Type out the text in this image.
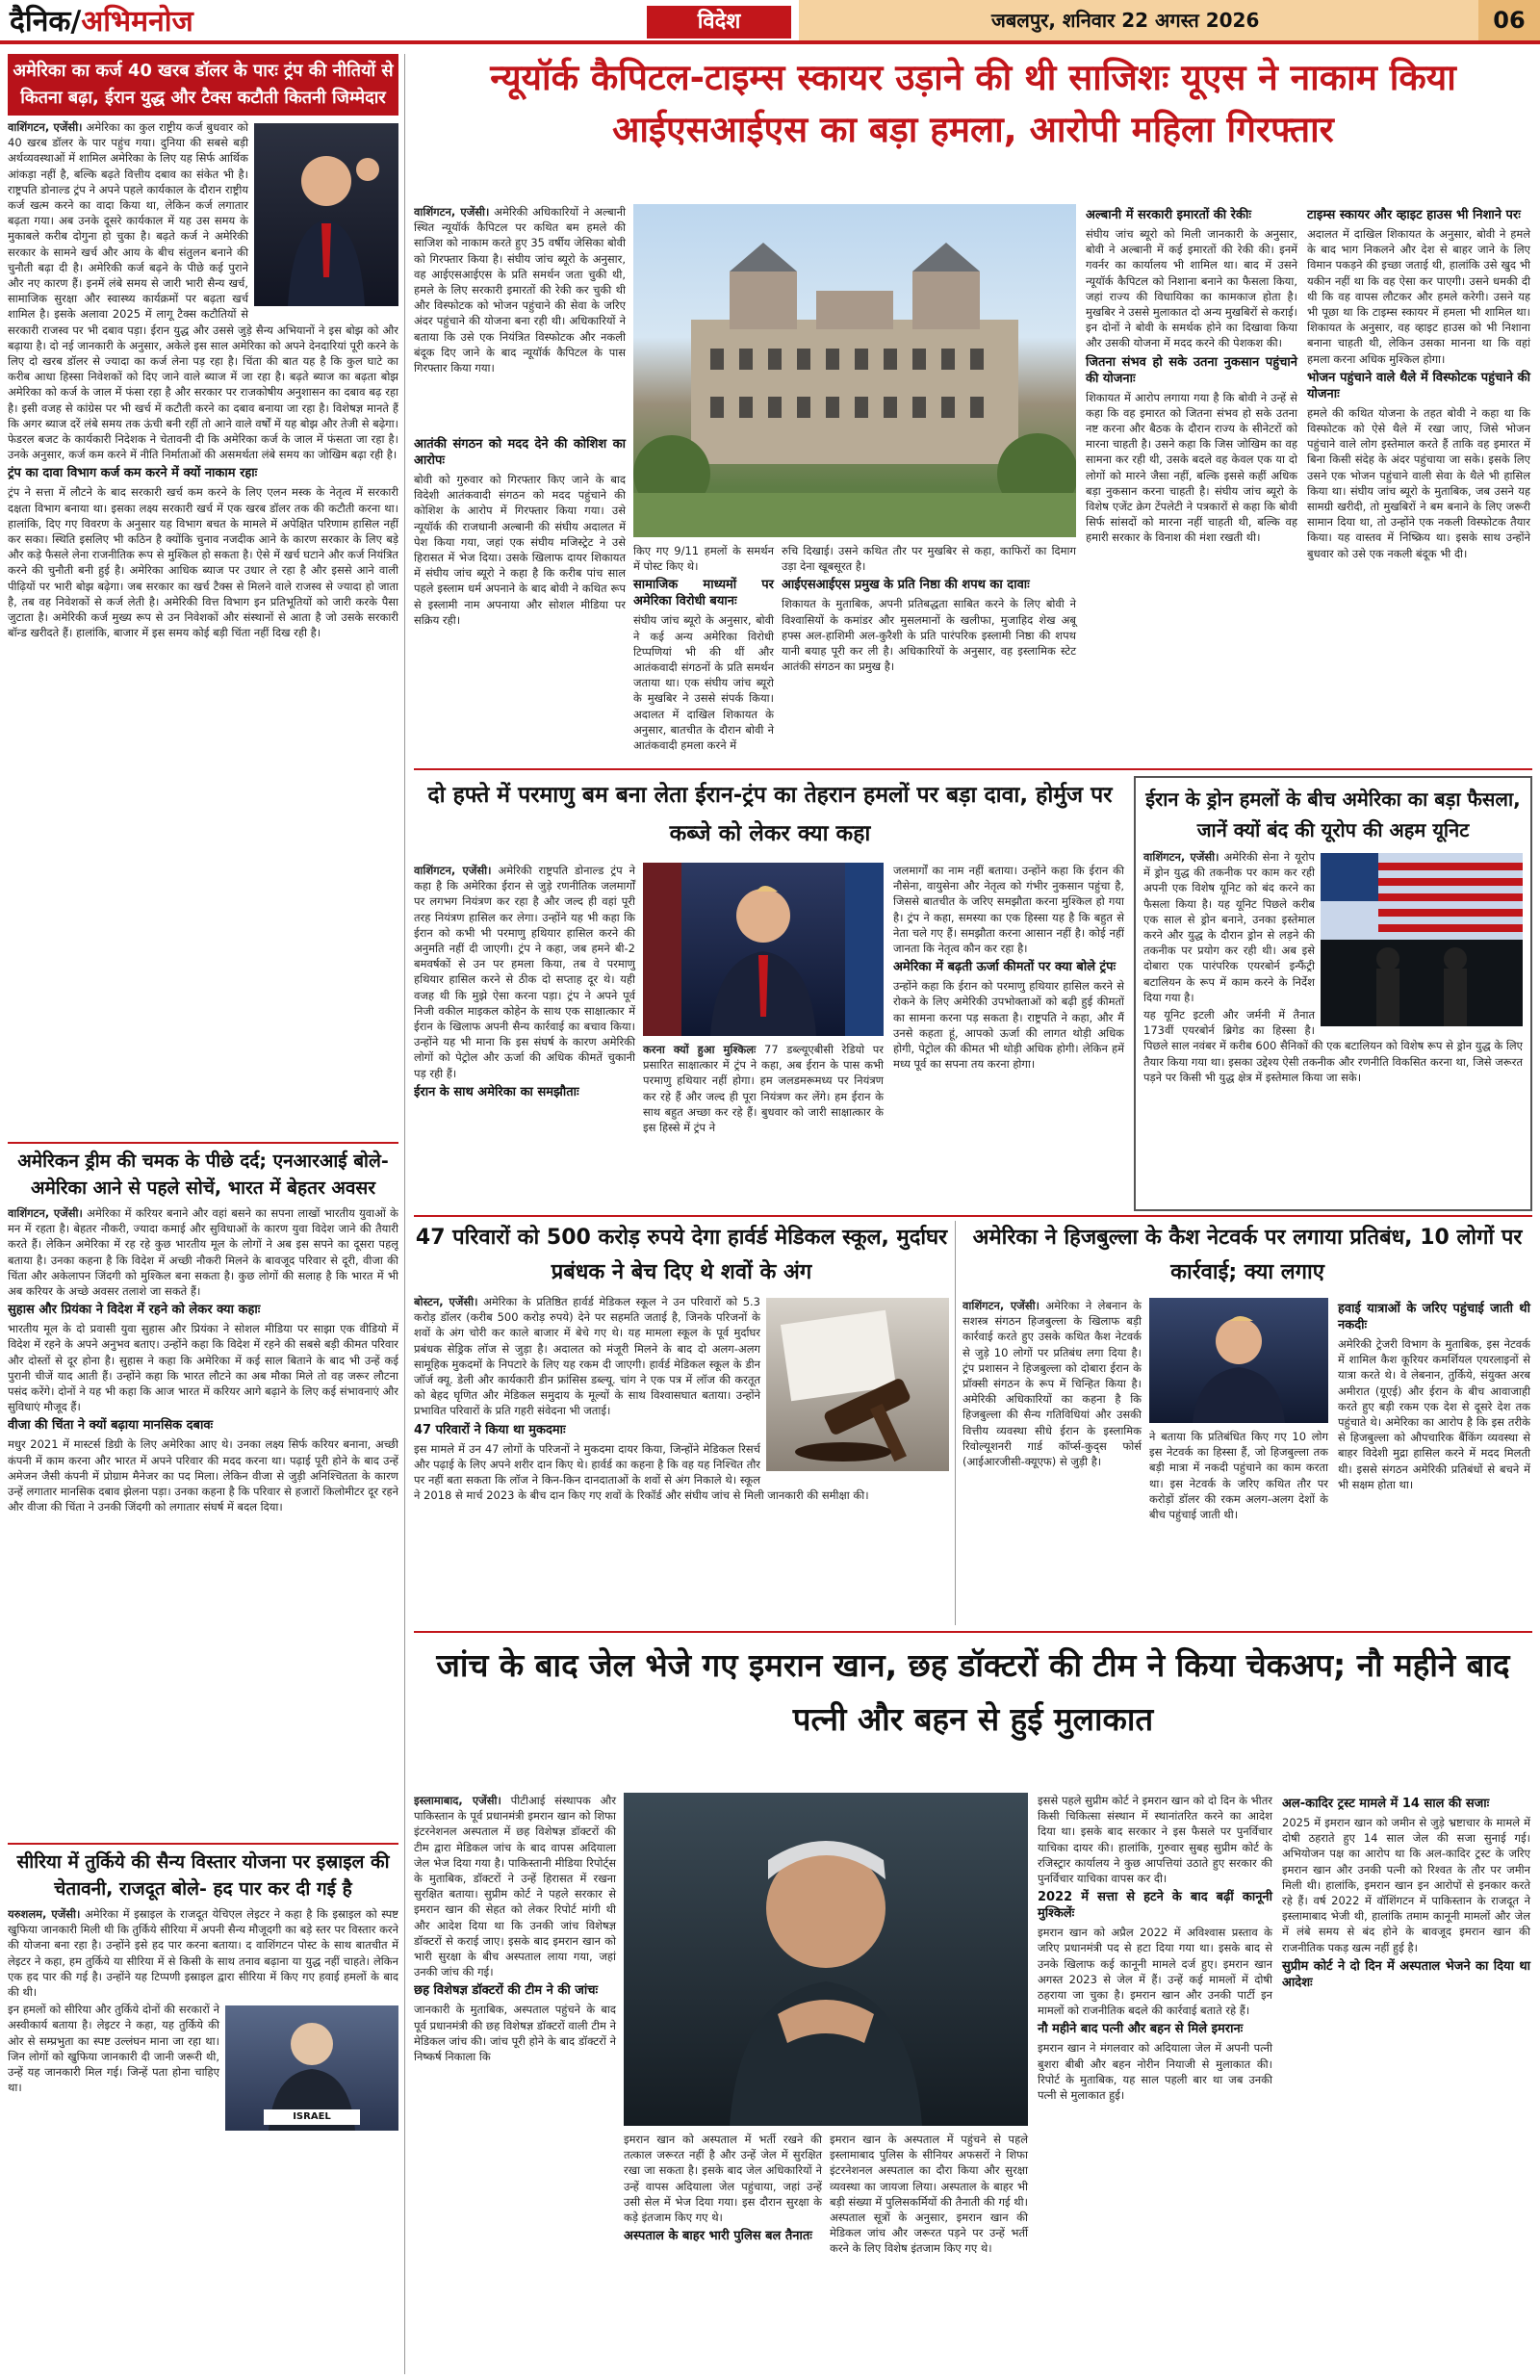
दैनिक/अभिमनोज	विदेश	जबलपुर, शनिवार 22 अगस्त 2026	06
अमेरिका का कर्ज 40 खरब डॉलर के पारः ट्रंप की नीतियों से कितना बढ़ा, ईरान युद्ध और टैक्स कटौती कितनी जिम्मेदार

वाशिंगटन, एजेंसी। अमेरिका का कुल राष्ट्रीय कर्ज बुधवार को 40 खरब डॉलर के पार पहुंच गया। दुनिया की सबसे बड़ी अर्थव्यवस्थाओं में शामिल अमेरिका के लिए यह सिर्फ आर्थिक आंकड़ा नहीं है, बल्कि बढ़ते वित्तीय दबाव का संकेत भी है। राष्ट्रपति डोनाल्ड ट्रंप ने अपने पहले कार्यकाल के दौरान राष्ट्रीय कर्ज खत्म करने का वादा किया था, लेकिन कर्ज लगातार बढ़ता गया। अब उनके दूसरे कार्यकाल में यह उस समय के मुकाबले करीब दोगुना हो चुका है। बढ़ते कर्ज ने अमेरिकी सरकार के सामने खर्च और आय के बीच संतुलन बनाने की चुनौती बढ़ा दी है। अमेरिकी कर्ज बढ़ने के पीछे कई पुराने और नए कारण हैं। इनमें लंबे समय से जारी भारी सैन्य खर्च, सामाजिक सुरक्षा और स्वास्थ्य कार्यक्रमों पर बढ़ता खर्च शामिल है। इसके अलावा 2025 में लागू टैक्स कटौतियों से सरकारी राजस्व पर भी दबाव पड़ा। ईरान युद्ध और उससे जुड़े सैन्य अभियानों ने इस बोझ को और बढ़ाया है। दो नई जानकारी के अनुसार, अकेले इस साल अमेरिका को अपने देनदारियां पूरी करने के लिए दो खरब डॉलर से ज्यादा का कर्ज लेना पड़ रहा है। चिंता की बात यह है कि कुल घाटे का करीब आधा हिस्सा निवेशकों को दिए जाने वाले ब्याज में जा रहा है। बढ़ते ब्याज का बढ़ता बोझ अमेरिका को कर्ज के जाल में फंसा रहा है और सरकार पर राजकोषीय अनुशासन का दबाव बढ़ रहा है। इसी वजह से कांग्रेस पर भी खर्च में कटौती करने का दबाव बनाया जा रहा है। विशेषज्ञ मानते हैं कि अगर ब्याज दरें लंबे समय तक ऊंची बनी रहीं तो आने वाले वर्षों में यह बोझ और तेजी से बढ़ेगा। फेडरल बजट के कार्यकारी निदेशक ने चेतावनी दी कि अमेरिका कर्ज के जाल में फंसता जा रहा है। उनके अनुसार, कर्ज कम करने में नीति निर्माताओं की असमर्थता लंबे समय का जोखिम बढ़ा रही है।

ट्रंप का दावा विभाग कर्ज कम करने में क्यों नाकाम रहाः

ट्रंप ने सत्ता में लौटने के बाद सरकारी खर्च कम करने के लिए एलन मस्क के नेतृत्व में सरकारी दक्षता विभाग बनाया था। इसका लक्ष्य सरकारी खर्च में एक खरब डॉलर तक की कटौती करना था। हालांकि, दिए गए विवरण के अनुसार यह विभाग बचत के मामले में अपेक्षित परिणाम हासिल नहीं कर सका। स्थिति इसलिए भी कठिन है क्योंकि चुनाव नजदीक आने के कारण सरकार के लिए बड़े और कड़े फैसले लेना राजनीतिक रूप से मुश्किल हो सकता है। ऐसे में खर्च घटाने और कर्ज नियंत्रित करने की चुनौती बनी हुई है। अमेरिका आधिक ब्याज पर उधार ले रहा है और इससे आने वाली पीढ़ियों पर भारी बोझ बढ़ेगा। जब सरकार का खर्च टैक्स से मिलने वाले राजस्व से ज्यादा हो जाता है, तब वह निवेशकों से कर्ज लेती है। अमेरिकी वित्त विभाग इन प्रतिभूतियों को जारी करके पैसा जुटाता है। अमेरिकी कर्ज मुख्य रूप से उन निवेशकों और संस्थानों से आता है जो उसके सरकारी बॉन्ड खरीदते हैं। हालांकि, बाजार में इस समय कोई बड़ी चिंता नहीं दिख रही है।

अमेरिकन ड्रीम की चमक के पीछे दर्द; एनआरआई बोले- अमेरिका आने से पहले सोचें, भारत में बेहतर अवसर

वाशिंगटन, एजेंसी। अमेरिका में करियर बनाने और वहां बसने का सपना लाखों भारतीय युवाओं के मन में रहता है। बेहतर नौकरी, ज्यादा कमाई और सुविधाओं के कारण युवा विदेश जाने की तैयारी करते हैं। लेकिन अमेरिका में रह रहे कुछ भारतीय मूल के लोगों ने अब इस सपने का दूसरा पहलू बताया है। उनका कहना है कि विदेश में अच्छी नौकरी मिलने के बावजूद परिवार से दूरी, वीजा की चिंता और अकेलापन जिंदगी को मुश्किल बना सकता है। कुछ लोगों की सलाह है कि भारत में भी अब करियर के अच्छे अवसर तलाशे जा सकते हैं।

सुहास और प्रियंका ने विदेश में रहने को लेकर क्या कहाः

भारतीय मूल के दो प्रवासी युवा सुहास और प्रियंका ने सोशल मीडिया पर साझा एक वीडियो में विदेश में रहने के अपने अनुभव बताए। उन्होंने कहा कि विदेश में रहने की सबसे बड़ी कीमत परिवार और दोस्तों से दूर होना है। सुहास ने कहा कि अमेरिका में कई साल बिताने के बाद भी उन्हें कई पुरानी चीजें याद आती हैं। उन्होंने कहा कि भारत लौटने का अब मौका मिले तो वह जरूर लौटना पसंद करेंगे। दोनों ने यह भी कहा कि आज भारत में करियर आगे बढ़ाने के लिए कई संभावनाएं और सुविधाएं मौजूद हैं।

वीजा की चिंता ने क्यों बढ़ाया मानसिक दबावः

मधुर 2021 में मास्टर्स डिग्री के लिए अमेरिका आए थे। उनका लक्ष्य सिर्फ करियर बनाना, अच्छी कंपनी में काम करना और भारत में अपने परिवार की मदद करना था। पढ़ाई पूरी होने के बाद उन्हें अमेजन जैसी कंपनी में प्रोग्राम मैनेजर का पद मिला। लेकिन वीजा से जुड़ी अनिश्चितता के कारण उन्हें लगातार मानसिक दबाव झेलना पड़ा। उनका कहना है कि परिवार से हजारों किलोमीटर दूर रहने और वीजा की चिंता ने उनकी जिंदगी को लगातार संघर्ष में बदल दिया।

सीरिया में तुर्किये की सैन्य विस्तार योजना पर इस्राइल की चेतावनी, राजदूत बोले- हद पार कर दी गई है

यरुशलम, एजेंसी। अमेरिका में इस्राइल के राजदूत येचिएल लेइटर ने कहा है कि इस्राइल को स्पष्ट खुफिया जानकारी मिली थी कि तुर्किये सीरिया में अपनी सैन्य मौजूदगी का बड़े स्तर पर विस्तार करने की योजना बना रहा है। उन्होंने इसे हद पार करना बताया। द वाशिंगटन पोस्ट के साथ बातचीत में लेइटर ने कहा, हम तुर्किये या सीरिया में से किसी के साथ तनाव बढ़ाना या युद्ध नहीं चाहते। लेकिन एक हद पार की गई है। उन्होंने यह टिप्पणी इस्राइल द्वारा सीरिया में किए गए हवाई हमलों के बाद की थी।

ISRAEL

इन हमलों को सीरिया और तुर्किये दोनों की सरकारों ने अस्वीकार्य बताया है। लेइटर ने कहा, यह तुर्किये की ओर से सम्प्रभुता का स्पष्ट उल्लंघन माना जा रहा था। जिन लोगों को खुफिया जानकारी दी जानी जरूरी थी, उन्हें यह जानकारी मिल गई। जिन्हें पता होना चाहिए था।

न्यूयॉर्क कैपिटल-टाइम्स स्कायर उड़ाने की थी साजिशः यूएस ने नाकाम किया आईएसआईएस का बड़ा हमला, आरोपी महिला गिरफ्तार

वाशिंगटन, एजेंसी। अमेरिकी अधिकारियों ने अल्बानी स्थित न्यूयॉर्क कैपिटल पर कथित बम हमले की साजिश को नाकाम करते हुए 35 वर्षीय जेसिका बोवी को गिरफ्तार किया है। संघीय जांच ब्यूरो के अनुसार, वह आईएसआईएस के प्रति समर्थन जता चुकी थी, हमले के लिए सरकारी इमारतों की रेकी कर चुकी थी और विस्फोटक को भोजन पहुंचाने की सेवा के जरिए अंदर पहुंचाने की योजना बना रही थी। अधिकारियों ने बताया कि उसे एक नियंत्रित विस्फोटक और नकली बंदूक दिए जाने के बाद न्यूयॉर्क कैपिटल के पास गिरफ्तार किया गया।

आतंकी संगठन को मदद देने की कोशिश का आरोपः

बोवी को गुरुवार को गिरफ्तार किए जाने के बाद विदेशी आतंकवादी संगठन को मदद पहुंचाने की कोशिश के आरोप में गिरफ्तार किया गया। उसे न्यूयॉर्क की राजधानी अल्बानी की संघीय अदालत में पेश किया गया, जहां एक संघीय मजिस्ट्रेट ने उसे हिरासत में भेज दिया। उसके खिलाफ दायर शिकायत में संघीय जांच ब्यूरो ने कहा है कि करीब पांच साल पहले इस्लाम धर्म अपनाने के बाद बोवी ने कथित रूप से इस्लामी नाम अपनाया और सोशल मीडिया पर सक्रिय रही।

किए गए 9/11 हमलों के समर्थन में पोस्ट किए थे।

सामाजिक माध्यमों पर अमेरिका विरोधी बयानः

संघीय जांच ब्यूरो के अनुसार, बोवी ने कई अन्य अमेरिका विरोधी टिप्पणियां भी की थीं और आतंकवादी संगठनों के प्रति समर्थन जताया था। एक संघीय जांच ब्यूरो के मुखबिर ने उससे संपर्क किया। अदालत में दाखिल शिकायत के अनुसार, बातचीत के दौरान बोवी ने आतंकवादी हमला करने में

रुचि दिखाई। उसने कथित तौर पर मुखबिर से कहा, काफिरों का दिमाग उड़ा देना खूबसूरत है।

आईएसआईएस प्रमुख के प्रति निष्ठा की शपथ का दावाः

शिकायत के मुताबिक, अपनी प्रतिबद्धता साबित करने के लिए बोवी ने विश्वासियों के कमांडर और मुसलमानों के खलीफा, मुजाहिद शेख अबू हफ्स अल-हाशिमी अल-कुरैशी के प्रति पारंपरिक इस्लामी निष्ठा की शपथ यानी बयाह पूरी कर ली है। अधिकारियों के अनुसार, वह इस्लामिक स्टेट आतंकी संगठन का प्रमुख है।

अल्बानी में सरकारी इमारतों की रेकीः

संघीय जांच ब्यूरो को मिली जानकारी के अनुसार, बोवी ने अल्बानी में कई इमारतों की रेकी की। इनमें गवर्नर का कार्यालय भी शामिल था। बाद में उसने न्यूयॉर्क कैपिटल को निशाना बनाने का फैसला किया, जहां राज्य की विधायिका का कामकाज होता है। मुखबिर ने उससे मुलाकात दो अन्य मुखबिरों से कराई। इन दोनों ने बोवी के समर्थक होने का दिखावा किया और उसकी योजना में मदद करने की पेशकश की।

जितना संभव हो सके उतना नुकसान पहुंचाने की योजनाः

शिकायत में आरोप लगाया गया है कि बोवी ने उन्हें से कहा कि वह इमारत को जितना संभव हो सके उतना नष्ट करना और बैठक के दौरान राज्य के सीनेटरों को मारना चाहती है। उसने कहा कि जिस जोखिम का वह सामना कर रही थी, उसके बदले वह केवल एक या दो लोगों को मारने जैसा नहीं, बल्कि इससे कहीं अधिक बड़ा नुकसान करना चाहती है। संघीय जांच ब्यूरो के विशेष एजेंट क्रेग टेंपलेटी ने पत्रकारों से कहा कि बोवी सिर्फ सांसदों को मारना नहीं चाहती थी, बल्कि वह हमारी सरकार के विनाश की मंशा रखती थी।

टाइम्स स्कायर और व्हाइट हाउस भी निशाने परः

अदालत में दाखिल शिकायत के अनुसार, बोवी ने हमले के बाद भाग निकलने और देश से बाहर जाने के लिए विमान पकड़ने की इच्छा जताई थी, हालांकि उसे खुद भी यकीन नहीं था कि वह ऐसा कर पाएगी। उसने धमकी दी थी कि वह वापस लौटकर और हमले करेगी। उसने यह भी पूछा था कि टाइम्स स्कायर में हमला भी शामिल था। शिकायत के अनुसार, वह व्हाइट हाउस को भी निशाना बनाना चाहती थी, लेकिन उसका मानना था कि वहां हमला करना अधिक मुश्किल होगा।

भोजन पहुंचाने वाले थैले में विस्फोटक पहुंचाने की योजनाः

हमले की कथित योजना के तहत बोवी ने कहा था कि विस्फोटक को ऐसे थैले में रखा जाए, जिसे भोजन पहुंचाने वाले लोग इस्तेमाल करते हैं ताकि वह इमारत में बिना किसी संदेह के अंदर पहुंचाया जा सके। इसके लिए उसने एक भोजन पहुंचाने वाली सेवा के थैले भी हासिल किया था। संघीय जांच ब्यूरो के मुताबिक, जब उसने यह सामग्री खरीदी, तो मुखबिरों ने बम बनाने के लिए जरूरी सामान दिया था, तो उन्होंने एक नकली विस्फोटक तैयार किया। यह वास्तव में निष्क्रिय था। इसके साथ उन्होंने बुधवार को उसे एक नकली बंदूक भी दी।

दो हफ्ते में परमाणु बम बना लेता ईरान-ट्रंप का तेहरान हमलों पर बड़ा दावा, होर्मुज पर कब्जे को लेकर क्या कहा

वाशिंगटन, एजेंसी। अमेरिकी राष्ट्रपति डोनाल्ड ट्रंप ने कहा है कि अमेरिका ईरान से जुड़े रणनीतिक जलमार्गों पर लगभग नियंत्रण कर रहा है और जल्द ही वहां पूरी तरह नियंत्रण हासिल कर लेगा। उन्होंने यह भी कहा कि ईरान को कभी भी परमाणु हथियार हासिल करने की अनुमति नहीं दी जाएगी। ट्रंप ने कहा, जब हमने बी-2 बमवर्षकों से उन पर हमला किया, तब वे परमाणु हथियार हासिल करने से ठीक दो सप्ताह दूर थे। यही वजह थी कि मुझे ऐसा करना पड़ा। ट्रंप ने अपने पूर्व निजी वकील माइकल कोहेन के साथ एक साक्षात्कार में ईरान के खिलाफ अपनी सैन्य कार्रवाई का बचाव किया। उन्होंने यह भी माना कि इस संघर्ष के कारण अमेरिकी लोगों को पेट्रोल और ऊर्जा की अधिक कीमतें चुकानी पड़ रही हैं।

ईरान के साथ अमेरिका का समझौताः

करना क्यों हुआ मुश्किलः 77 डब्ल्यूएबीसी रेडियो पर प्रसारित साक्षात्कार में ट्रंप ने कहा, अब ईरान के पास कभी परमाणु हथियार नहीं होगा। हम जलडमरूमध्य पर नियंत्रण कर रहे हैं और जल्द ही पूरा नियंत्रण कर लेंगे। हम ईरान के साथ बहुत अच्छा कर रहे हैं। बुधवार को जारी साक्षात्कार के इस हिस्से में ट्रंप ने

जलमार्गों का नाम नहीं बताया। उन्होंने कहा कि ईरान की नौसेना, वायुसेना और नेतृत्व को गंभीर नुकसान पहुंचा है, जिससे बातचीत के जरिए समझौता करना मुश्किल हो गया है। ट्रंप ने कहा, समस्या का एक हिस्सा यह है कि बहुत से नेता चले गए हैं। समझौता करना आसान नहीं है। कोई नहीं जानता कि नेतृत्व कौन कर रहा है।

अमेरिका में बढ़ती ऊर्जा कीमतों पर क्या बोले ट्रंपः

उन्होंने कहा कि ईरान को परमाणु हथियार हासिल करने से रोकने के लिए अमेरिकी उपभोक्ताओं को बढ़ी हुई कीमतों का सामना करना पड़ सकता है। राष्ट्रपति ने कहा, और मैं उनसे कहता हूं, आपको ऊर्जा की लागत थोड़ी अधिक होगी, पेट्रोल की कीमत भी थोड़ी अधिक होगी। लेकिन हमें मध्य पूर्व का सपना तय करना होगा।

ईरान के ड्रोन हमलों के बीच अमेरिका का बड़ा फैसला, जानें क्यों बंद की यूरोप की अहम यूनिट

वाशिंगटन, एजेंसी। अमेरिकी सेना ने यूरोप में ड्रोन युद्ध की तकनीक पर काम कर रही अपनी एक विशेष यूनिट को बंद करने का फैसला किया है। यह यूनिट पिछले करीब एक साल से ड्रोन बनाने, उनका इस्तेमाल करने और युद्ध के दौरान ड्रोन से लड़ने की तकनीक पर प्रयोग कर रही थी। अब इसे दोबारा एक पारंपरिक एयरबोर्न इन्फैंट्री बटालियन के रूप में काम करने के निर्देश दिया गया है।

यह यूनिट इटली और जर्मनी में तैनात 173वीं एयरबोर्न ब्रिगेड का हिस्सा है। पिछले साल नवंबर में करीब 600 सैनिकों की एक बटालियन को विशेष रूप से ड्रोन युद्ध के लिए तैयार किया गया था। इसका उद्देश्य ऐसी तकनीक और रणनीति विकसित करना था, जिसे जरूरत पड़ने पर किसी भी युद्ध क्षेत्र में इस्तेमाल किया जा सके।

47 परिवारों को 500 करोड़ रुपये देगा हार्वर्ड मेडिकल स्कूल, मुर्दाघर प्रबंधक ने बेच दिए थे शवों के अंग

बोस्टन, एजेंसी। अमेरिका के प्रतिष्ठित हार्वर्ड मेडिकल स्कूल ने उन परिवारों को 5.3 करोड़ डॉलर (करीब 500 करोड़ रुपये) देने पर सहमति जताई है, जिनके परिजनों के शवों के अंग चोरी कर काले बाजार में बेचे गए थे। यह मामला स्कूल के पूर्व मुर्दाघर प्रबंधक सेड्रिक लॉज से जुड़ा है। अदालत को मंजूरी मिलने के बाद दो अलग-अलग सामूहिक मुकदमों के निपटारे के लिए यह रकम दी जाएगी। हार्वर्ड मेडिकल स्कूल के डीन जॉर्ज क्यू. डेली और कार्यकारी डीन फ्रांसिस डब्ल्यू. चांग ने एक पत्र में लॉज की करतूत को बेहद घृणित और मेडिकल समुदाय के मूल्यों के साथ विश्वासघात बताया। उन्होंने प्रभावित परिवारों के प्रति गहरी संवेदना भी जताई।

47 परिवारों ने किया था मुकदमाः

इस मामले में उन 47 लोगों के परिजनों ने मुकदमा दायर किया, जिन्होंने मेडिकल रिसर्च और पढ़ाई के लिए अपने शरीर दान किए थे। हार्वर्ड का कहना है कि वह यह निश्चित तौर पर नहीं बता सकता कि लॉज ने किन-किन दानदाताओं के शवों से अंग निकाले थे। स्कूल ने 2018 से मार्च 2023 के बीच दान किए गए शवों के रिकॉर्ड और संघीय जांच से मिली जानकारी की समीक्षा की।

अमेरिका ने हिजबुल्ला के कैश नेटवर्क पर लगाया प्रतिबंध, 10 लोगों पर कार्रवाई; क्या लगाए

वाशिंगटन, एजेंसी। अमेरिका ने लेबनान के सशस्त्र संगठन हिजबुल्ला के खिलाफ बड़ी कार्रवाई करते हुए उसके कथित कैश नेटवर्क से जुड़े 10 लोगों पर प्रतिबंध लगा दिया है। ट्रंप प्रशासन ने हिजबुल्ला को दोबारा ईरान के प्रॉक्सी संगठन के रूप में चिन्हित किया है। अमेरिकी अधिकारियों का कहना है कि हिजबुल्ला की सैन्य गतिविधियां और उसकी वित्तीय व्यवस्था सीधे ईरान के इस्लामिक रिवोल्यूशनरी गार्ड कॉर्प्स-कुद्स फोर्स (आईआरजीसी-क्यूएफ) से जुड़ी है।

ने बताया कि प्रतिबंधित किए गए 10 लोग इस नेटवर्क का हिस्सा हैं, जो हिजबुल्ला तक बड़ी मात्रा में नकदी पहुंचाने का काम करता था। इस नेटवर्क के जरिए कथित तौर पर करोड़ों डॉलर की रकम अलग-अलग देशों के बीच पहुंचाई जाती थी।

हवाई यात्राओं के जरिए पहुंचाई जाती थी नकदीः

अमेरिकी ट्रेजरी विभाग के मुताबिक, इस नेटवर्क में शामिल कैश कूरियर कमर्शियल एयरलाइनों से यात्रा करते थे। वे लेबनान, तुर्किये, संयुक्त अरब अमीरात (यूएई) और ईरान के बीच आवाजाही करते हुए बड़ी रकम एक देश से दूसरे देश तक पहुंचाते थे। अमेरिका का आरोप है कि इस तरीके से हिजबुल्ला को औपचारिक बैंकिंग व्यवस्था से बाहर विदेशी मुद्रा हासिल करने में मदद मिलती थी। इससे संगठन अमेरिकी प्रतिबंधों से बचने में भी सक्षम होता था।

जांच के बाद जेल भेजे गए इमरान खान, छह डॉक्टरों की टीम ने किया चेकअप; नौ महीने बाद पत्नी और बहन से हुई मुलाकात

इस्लामाबाद, एजेंसी। पीटीआई संस्थापक और पाकिस्तान के पूर्व प्रधानमंत्री इमरान खान को शिफा इंटरनेशनल अस्पताल में छह विशेषज्ञ डॉक्टरों की टीम द्वारा मेडिकल जांच के बाद वापस अदियाला जेल भेज दिया गया है। पाकिस्तानी मीडिया रिपोर्ट्स के मुताबिक, डॉक्टरों ने उन्हें हिरासत में रखना सुरक्षित बताया। सुप्रीम कोर्ट ने पहले सरकार से इमरान खान की सेहत को लेकर रिपोर्ट मांगी थी और आदेश दिया था कि उनकी जांच विशेषज्ञ डॉक्टरों से कराई जाए। इसके बाद इमरान खान को भारी सुरक्षा के बीच अस्पताल लाया गया, जहां उनकी जांच की गई।

छह विशेषज्ञ डॉक्टरों की टीम ने की जांचः

जानकारी के मुताबिक, अस्पताल पहुंचने के बाद पूर्व प्रधानमंत्री की छह विशेषज्ञ डॉक्टरों वाली टीम ने मेडिकल जांच की। जांच पूरी होने के बाद डॉक्टरों ने निष्कर्ष निकाला कि

इमरान खान को अस्पताल में भर्ती रखने की तत्काल जरूरत नहीं है और उन्हें जेल में सुरक्षित रखा जा सकता है। इसके बाद जेल अधिकारियों ने उन्हें वापस अदियाला जेल पहुंचाया, जहां उन्हें उसी सेल में भेज दिया गया। इस दौरान सुरक्षा के कड़े इंतजाम किए गए थे।

अस्पताल के बाहर भारी पुलिस बल तैनातः

इमरान खान के अस्पताल में पहुंचने से पहले इस्लामाबाद पुलिस के सीनियर अफसरों ने शिफा इंटरनेशनल अस्पताल का दौरा किया और सुरक्षा व्यवस्था का जायजा लिया। अस्पताल के बाहर भी बड़ी संख्या में पुलिसकर्मियों की तैनाती की गई थी। अस्पताल सूत्रों के अनुसार, इमरान खान की मेडिकल जांच और जरूरत पड़ने पर उन्हें भर्ती करने के लिए विशेष इंतजाम किए गए थे।

इससे पहले सुप्रीम कोर्ट ने इमरान खान को दो दिन के भीतर किसी चिकित्सा संस्थान में स्थानांतरित करने का आदेश दिया था। इसके बाद सरकार ने इस फैसले पर पुनर्विचार याचिका दायर की। हालांकि, गुरुवार सुबह सुप्रीम कोर्ट के रजिस्ट्रार कार्यालय ने कुछ आपत्तियां उठाते हुए सरकार की पुनर्विचार याचिका वापस कर दी।

2022 में सत्ता से हटने के बाद बढ़ीं कानूनी मुश्किलेंः

इमरान खान को अप्रैल 2022 में अविश्वास प्रस्ताव के जरिए प्रधानमंत्री पद से हटा दिया गया था। इसके बाद से उनके खिलाफ कई कानूनी मामले दर्ज हुए। इमरान खान अगस्त 2023 से जेल में हैं। उन्हें कई मामलों में दोषी ठहराया जा चुका है। इमरान खान और उनकी पार्टी इन मामलों को राजनीतिक बदले की कार्रवाई बताते रहे हैं।

नौ महीने बाद पत्नी और बहन से मिले इमरानः

इमरान खान ने मंगलवार को अदियाला जेल में अपनी पत्नी बुशरा बीबी और बहन नोरीन नियाजी से मुलाकात की। रिपोर्ट के मुताबिक, यह साल पहली बार था जब उनकी पत्नी से मुलाकात हुई।

अल-कादिर ट्रस्ट मामले में 14 साल की सजाः

2025 में इमरान खान को जमीन से जुड़े भ्रष्टाचार के मामले में दोषी ठहराते हुए 14 साल जेल की सजा सुनाई गई। अभियोजन पक्ष का आरोप था कि अल-कादिर ट्रस्ट के जरिए इमरान खान और उनकी पत्नी को रिश्वत के तौर पर जमीन मिली थी। हालांकि, इमरान खान इन आरोपों से इनकार करते रहे हैं। वर्ष 2022 में वॉशिंगटन में पाकिस्तान के राजदूत ने इस्लामाबाद भेजी थी, हालांकि तमाम कानूनी मामलों और जेल में लंबे समय से बंद होने के बावजूद इमरान खान की राजनीतिक पकड़ खत्म नहीं हुई है।

सुप्रीम कोर्ट ने दो दिन में अस्पताल भेजने का दिया था आदेशः
